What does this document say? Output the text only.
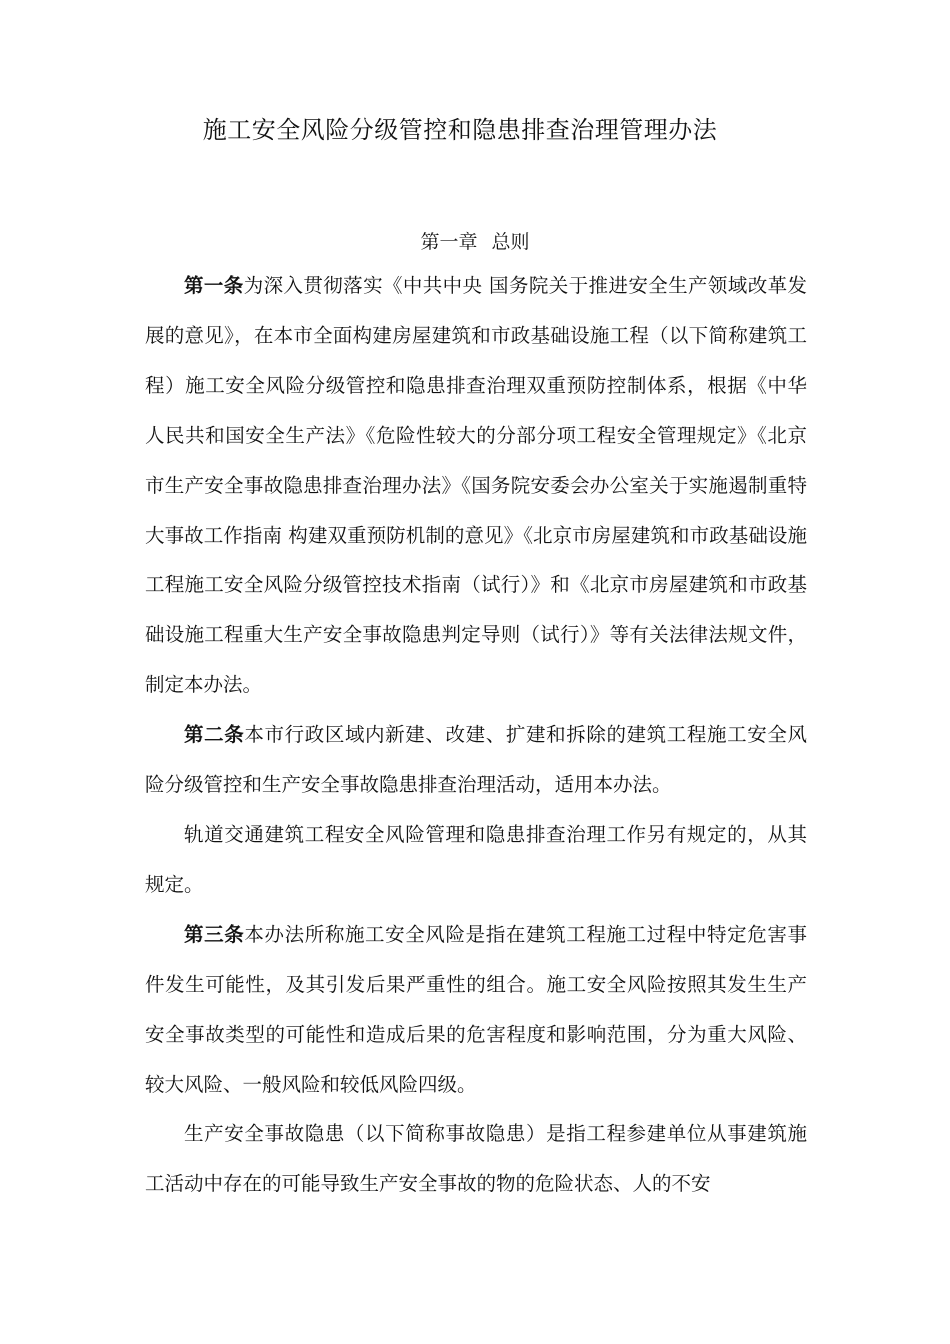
施工安全风险分级管控和隐患排查治理管理办法
第一章 总则

第一条为深入贯彻落实《中共中央 国务院关于推进安全生产领域改革发展的意见》，在本市全面构建房屋建筑和市政基础设施工程（以下简称建筑工程）施工安全风险分级管控和隐患排查治理双重预防控制体系，根据《中华人民共和国安全生产法》《危险性较大的分部分项工程安全管理规定》《北京市生产安全事故隐患排查治理办法》《国务院安委会办公室关于实施遏制重特大事故工作指南 构建双重预防机制的意见》《北京市房屋建筑和市政基础设施工程施工安全风险分级管控技术指南（试行）》和《北京市房屋建筑和市政基础设施工程重大生产安全事故隐患判定导则（试行）》等有关法律法规文件，制定本办法。

第二条本市行政区域内新建、改建、扩建和拆除的建筑工程施工安全风险分级管控和生产安全事故隐患排查治理活动，适用本办法。

轨道交通建筑工程安全风险管理和隐患排查治理工作另有规定的，从其规定。

第三条本办法所称施工安全风险是指在建筑工程施工过程中特定危害事件发生可能性，及其引发后果严重性的组合。施工安全风险按照其发生生产安全事故类型的可能性和造成后果的危害程度和影响范围，分为重大风险、较大风险、一般风险和较低风险四级。

生产安全事故隐患（以下简称事故隐患）是指工程参建单位从事建筑施工活动中存在的可能导致生产安全事故的物的危险状态、人的不安
